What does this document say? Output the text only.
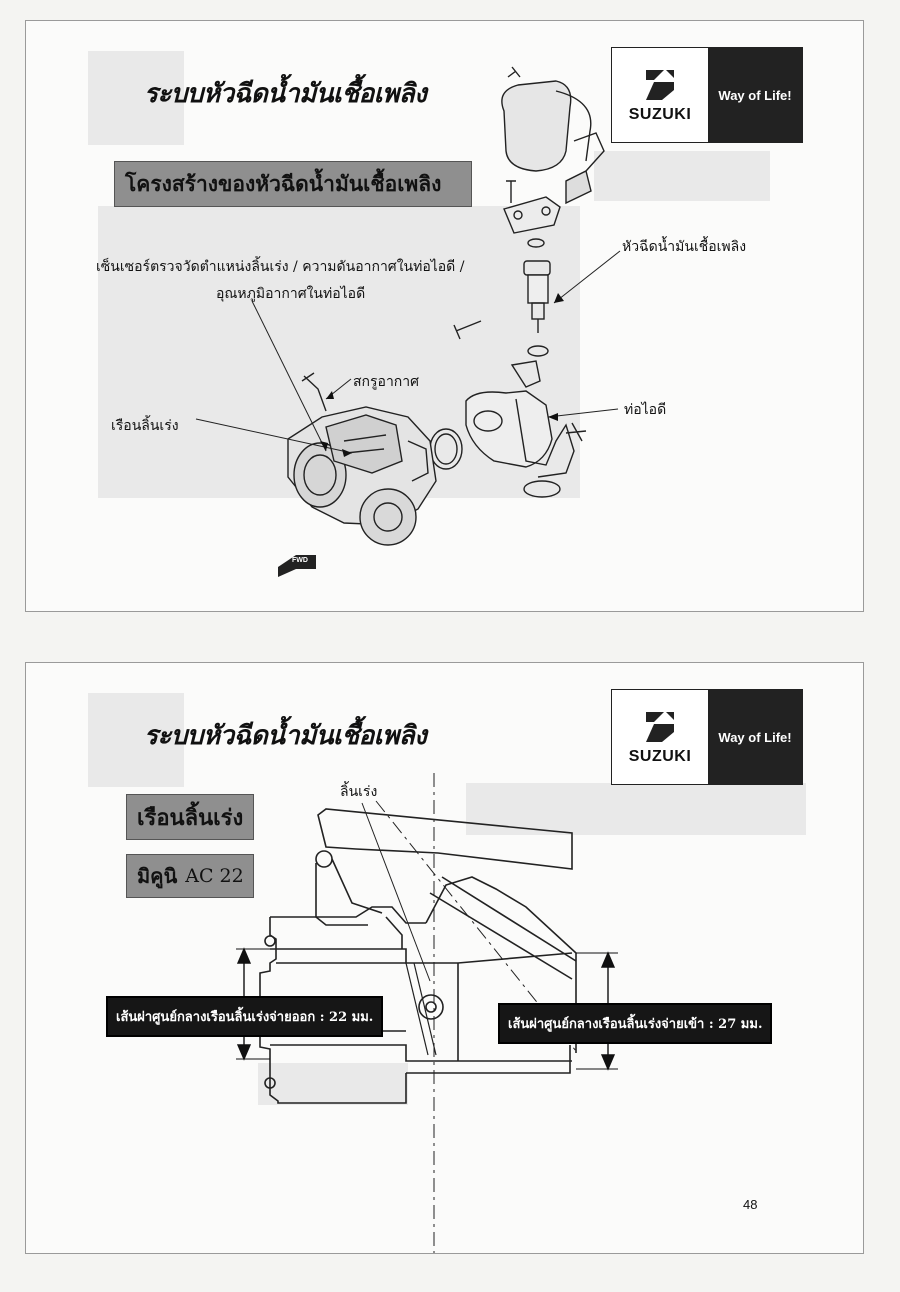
ระบบหัวฉีดน้ำมันเชื้อเพลิง
SUZUKI
Way of Life!
โครงสร้างของหัวฉีดน้ำมันเชื้อเพลิง
เซ็นเซอร์ตรวจวัดตำแหน่งลิ้นเร่ง / ความดันอากาศในท่อไอดี /
อุณหภูมิอากาศในท่อไอดี
สกรูอากาศ
เรือนลิ้นเร่ง
หัวฉีดน้ำมันเชื้อเพลิง
ท่อไอดี
FWD
ระบบหัวฉีดน้ำมันเชื้อเพลิง
SUZUKI
Way of Life!
เรือนลิ้นเร่ง
มิคูนิ AC 22
ลิ้นเร่ง
เส้นผ่าศูนย์กลางเรือนลิ้นเร่งจ่ายออก : 22 มม.	เส้นผ่าศูนย์กลางเรือนลิ้นเร่งจ่ายเข้า : 27 มม.
48
